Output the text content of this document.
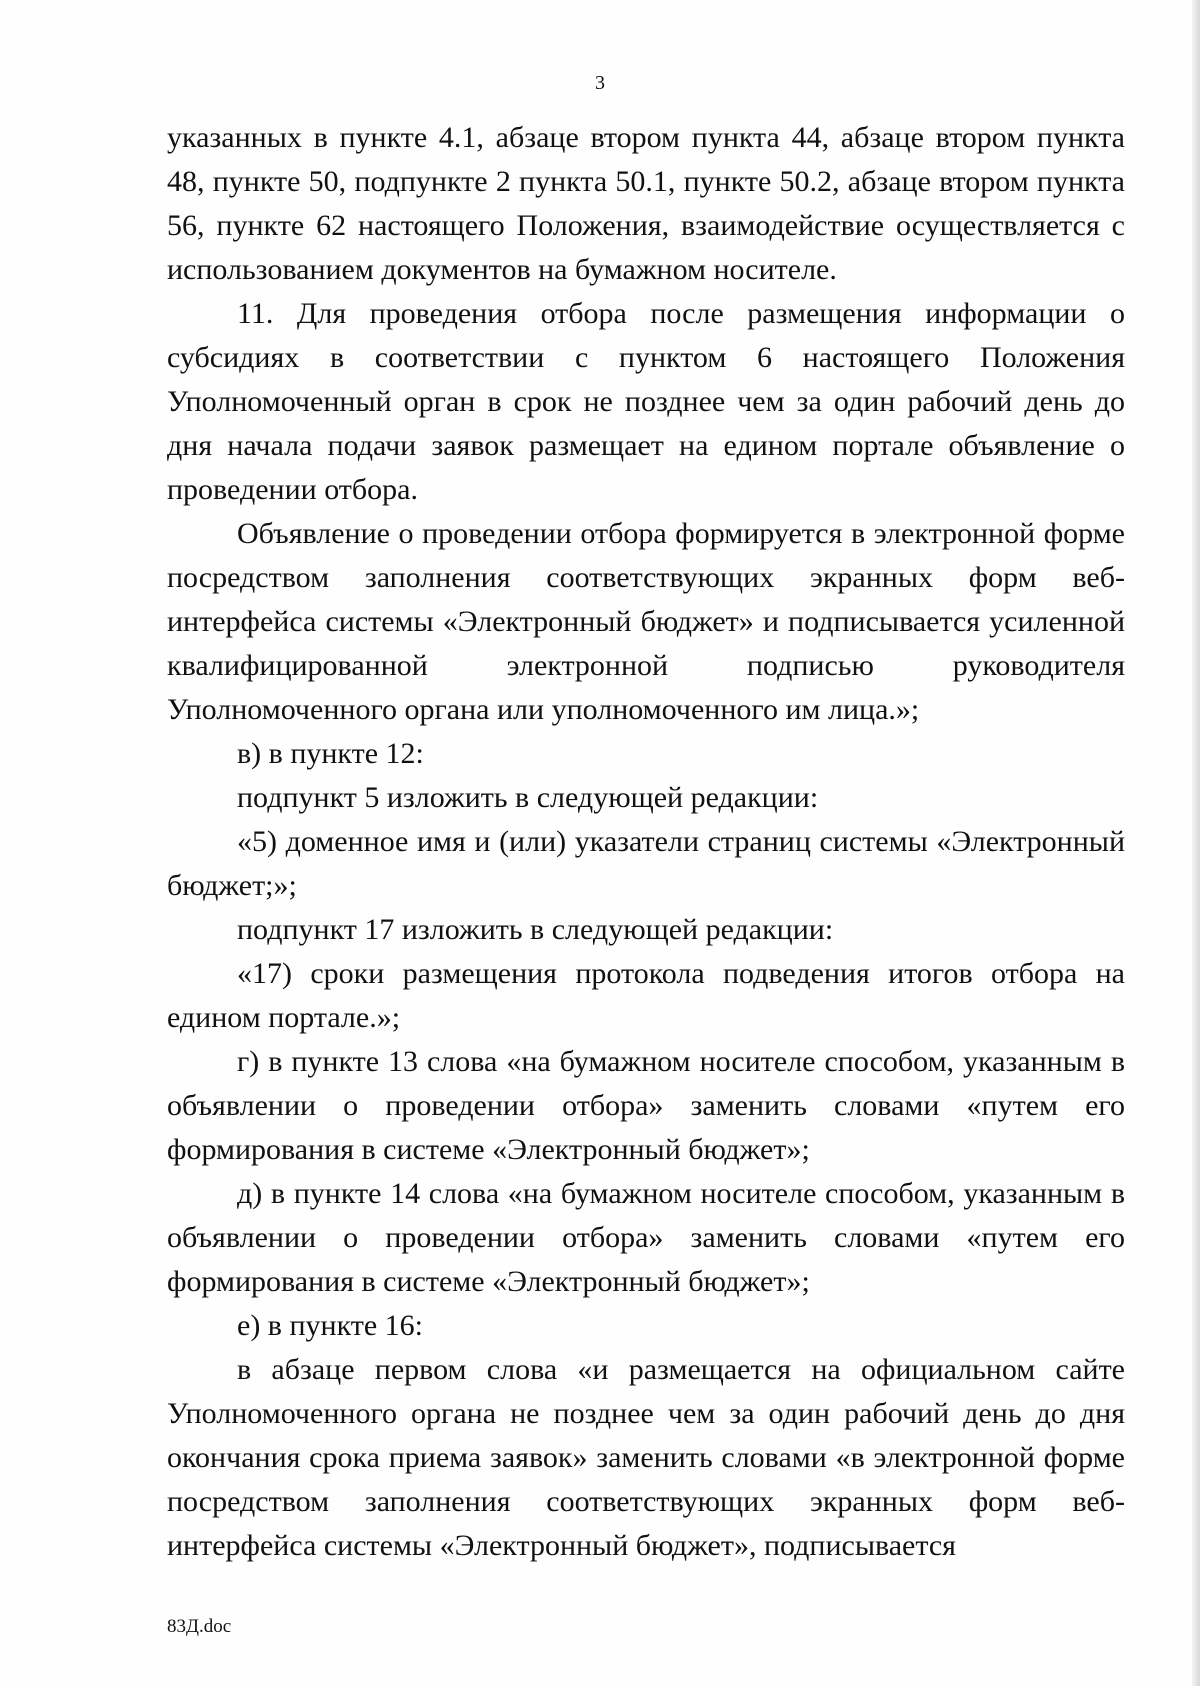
3

указанных в пункте 4.1, абзаце втором пункта 44, абзаце втором пункта 48, пункте 50, подпункте 2 пункта 50.1, пункте 50.2, абзаце втором пункта 56, пункте 62 настоящего Положения, взаимодействие осуществляется с использованием документов на бумажном носителе.

11. Для проведения отбора после размещения информации о субсидиях в соответствии с пунктом 6 настоящего Положения Уполномоченный орган в срок не позднее чем за один рабочий день до дня начала подачи заявок размещает на едином портале объявление о проведении отбора.

Объявление о проведении отбора формируется в электронной форме посредством заполнения соответствующих экранных форм веб-интерфейса системы «Электронный бюджет» и подписывается усиленной квалифицированной электронной подписью руководителя Уполномоченного органа или уполномоченного им лица.»;

в) в пункте 12:

подпункт 5 изложить в следующей редакции:

«5) доменное имя и (или) указатели страниц системы «Электронный бюджет;»;

подпункт 17 изложить в следующей редакции:

«17) сроки размещения протокола подведения итогов отбора на едином портале.»;

г) в пункте 13 слова «на бумажном носителе способом, указанным в объявлении о проведении отбора» заменить словами «путем его формирования в системе «Электронный бюджет»;

д) в пункте 14 слова «на бумажном носителе способом, указанным в объявлении о проведении отбора» заменить словами «путем его формирования в системе «Электронный бюджет»;

е) в пункте 16:

в абзаце первом слова «и размещается на официальном сайте Уполномоченного органа не позднее чем за один рабочий день до дня окончания срока приема заявок» заменить словами «в электронной форме посредством заполнения соответствующих экранных форм веб-интерфейса системы «Электронный бюджет», подписывается

83Д.doc
